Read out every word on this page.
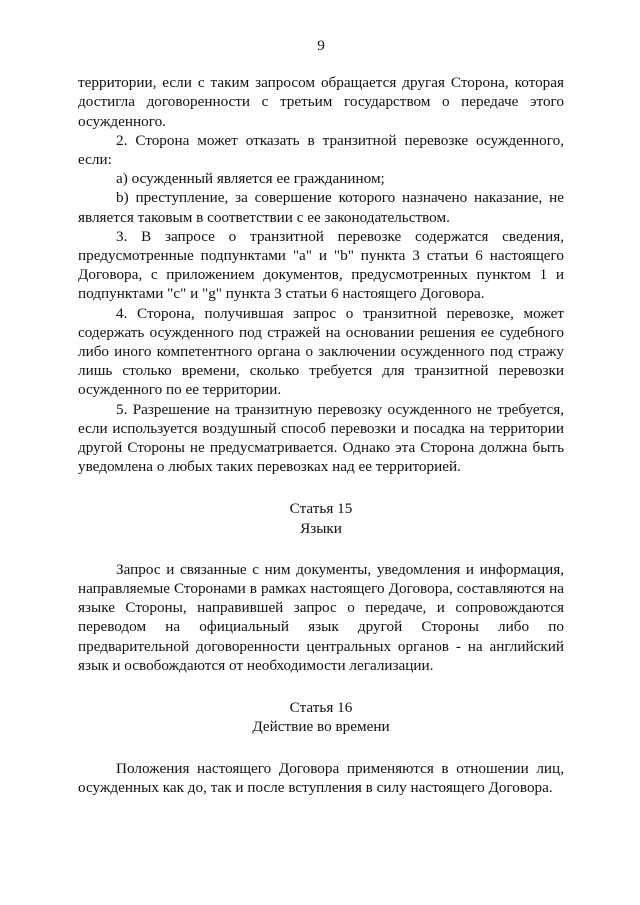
9

территории, если с таким запросом обращается другая Сторона, которая достигла договоренности с третьим государством о передаче этого осужденного.

2. Сторона может отказать в транзитной перевозке осужденного, если:

a) осужденный является ее гражданином;

b) преступление, за совершение которого назначено наказание, не является таковым в соответствии с ее законодательством.

3. В запросе о транзитной перевозке содержатся сведения, предусмотренные подпунктами "a" и "b" пункта 3 статьи 6 настоящего Договора, с приложением документов, предусмотренных пунктом 1 и подпунктами "c" и "g" пункта 3 статьи 6 настоящего Договора.

4. Сторона, получившая запрос о транзитной перевозке, может содержать осужденного под стражей на основании решения ее судебного либо иного компетентного органа о заключении осужденного под стражу лишь столько времени, сколько требуется для транзитной перевозки осужденного по ее территории.

5. Разрешение на транзитную перевозку осужденного не требуется, если используется воздушный способ перевозки и посадка на территории другой Стороны не предусматривается. Однако эта Сторона должна быть уведомлена о любых таких перевозках над ее территорией.

Статья 15
Языки

Запрос и связанные с ним документы, уведомления и информация, направляемые Сторонами в рамках настоящего Договора, составляются на языке Стороны, направившей запрос о передаче, и сопровождаются переводом на официальный язык другой Стороны либо по предварительной договоренности центральных органов - на английский язык и освобождаются от необходимости легализации.

Статья 16
Действие во времени

Положения настоящего Договора применяются в отношении лиц, осужденных как до, так и после вступления в силу настоящего Договора.
